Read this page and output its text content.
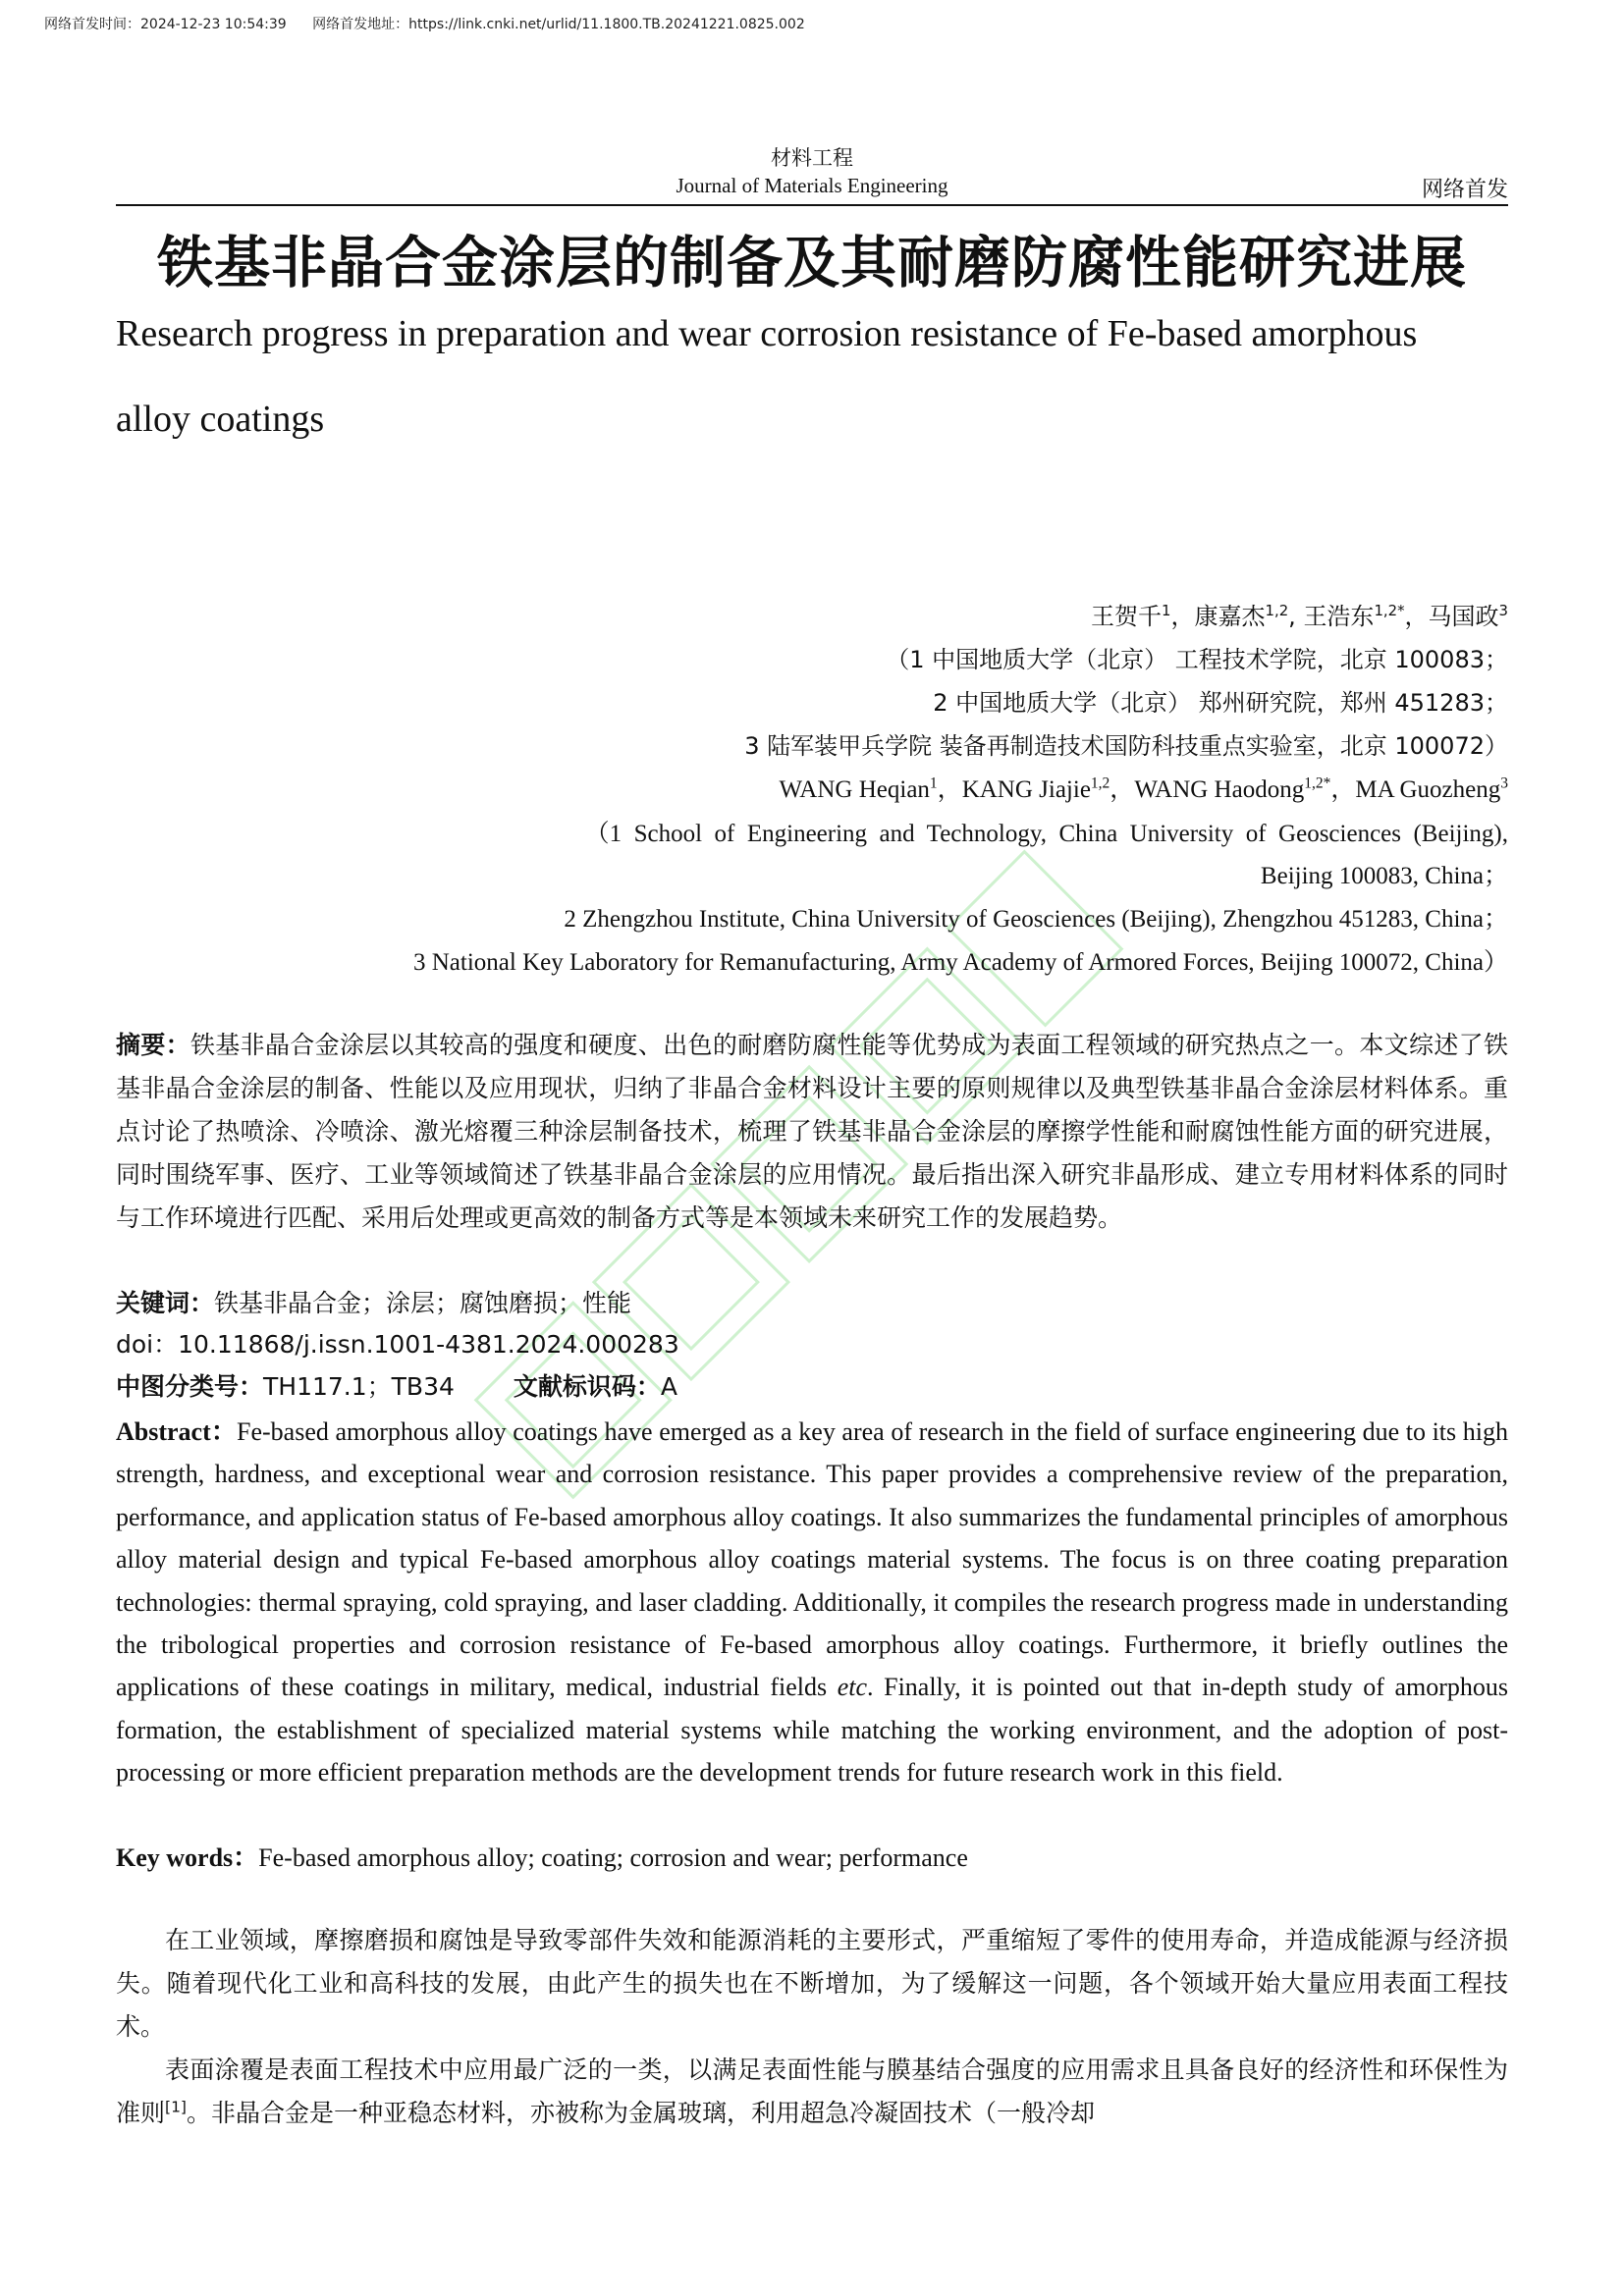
网络首发时间：2024-12-23 10:54:39 网络首发地址：https://link.cnki.net/urlid/11.1800.TB.20241221.0825.002
材料工程
Journal of Materials Engineering	网络首发
铁基非晶合金涂层的制备及其耐磨防腐性能研究进展
Research progress in preparation and wear corrosion resistance of Fe-based amorphous
alloy coatings
王贺千$^1$，康嘉杰$^{1,2}$, 王浩东$^{1,2*}$，马国政$^3$
（1 中国地质大学（北京） 工程技术学院，北京 100083；
2 中国地质大学（北京） 郑州研究院，郑州 451283；
3 陆军装甲兵学院 装备再制造技术国防科技重点实验室，北京 100072）
WANG Heqian$^1$，KANG Jiajie$^{1,2}$，WANG Haodong$^{1,2*}$，MA Guozheng$^3$
（1  School  of  Engineering  and  Technology,  China  University  of  Geosciences  (Beijing),
Beijing 100083, China；
2 Zhengzhou Institute, China University of Geosciences (Beijing), Zhengzhou 451283, China；
3 National Key Laboratory for Remanufacturing, Army Academy of Armored Forces, Beijing 100072, China）
摘要：铁基非晶合金涂层以其较高的强度和硬度、出色的耐磨防腐性能等优势成为表面工程领域的研究热点之一。本文综述了铁基非晶合金涂层的制备、性能以及应用现状，归纳了非晶合金材料设计主要的原则规律以及典型铁基非晶合金涂层材料体系。重点讨论了热喷涂、冷喷涂、激光熔覆三种涂层制备技术，梳理了铁基非晶合金涂层的摩擦学性能和耐腐蚀性能方面的研究进展，同时围绕军事、医疗、工业等领域简述了铁基非晶合金涂层的应用情况。最后指出深入研究非晶形成、建立专用材料体系的同时与工作环境进行匹配、采用后处理或更高效的制备方式等是本领域未来研究工作的发展趋势。
关键词：铁基非晶合金；涂层；腐蚀磨损；性能
doi：10.11868/j.issn.1001-4381.2024.000283
中图分类号：TH117.1；TB34 文献标识码：A
Abstract：Fe-based amorphous alloy coatings have emerged as a key area of research in the field of surface engineering due to its high strength, hardness, and exceptional wear and corrosion resistance. This paper provides a comprehensive review of the preparation, performance, and application status of Fe-based amorphous alloy coatings. It also summarizes the fundamental principles of amorphous alloy material design and typical Fe-based amorphous alloy coatings material systems. The focus is on three coating preparation technologies: thermal spraying, cold spraying, and laser cladding. Additionally, it compiles the research progress made in understanding the tribological properties and corrosion resistance of Fe-based amorphous alloy coatings. Furthermore, it briefly outlines the applications of these coatings in military, medical, industrial fields etc. Finally, it is pointed out that in-depth study of amorphous formation, the establishment of specialized material systems while matching the working environment, and the adoption of post-processing or more efficient preparation methods are the development trends for future research work in this field.
Key words：Fe-based amorphous alloy; coating; corrosion and wear; performance
在工业领域，摩擦磨损和腐蚀是导致零部件失效和能源消耗的主要形式，严重缩短了零件的使用寿命，并造成能源与经济损失。随着现代化工业和高科技的发展，由此产生的损失也在不断增加，为了缓解这一问题，各个领域开始大量应用表面工程技术。
表面涂覆是表面工程技术中应用最广泛的一类，以满足表面性能与膜基结合强度的应用需求且具备良好的经济性和环保性为准则[1]。非晶合金是一种亚稳态材料，亦被称为金属玻璃，利用超急冷凝固技术（一般冷却
